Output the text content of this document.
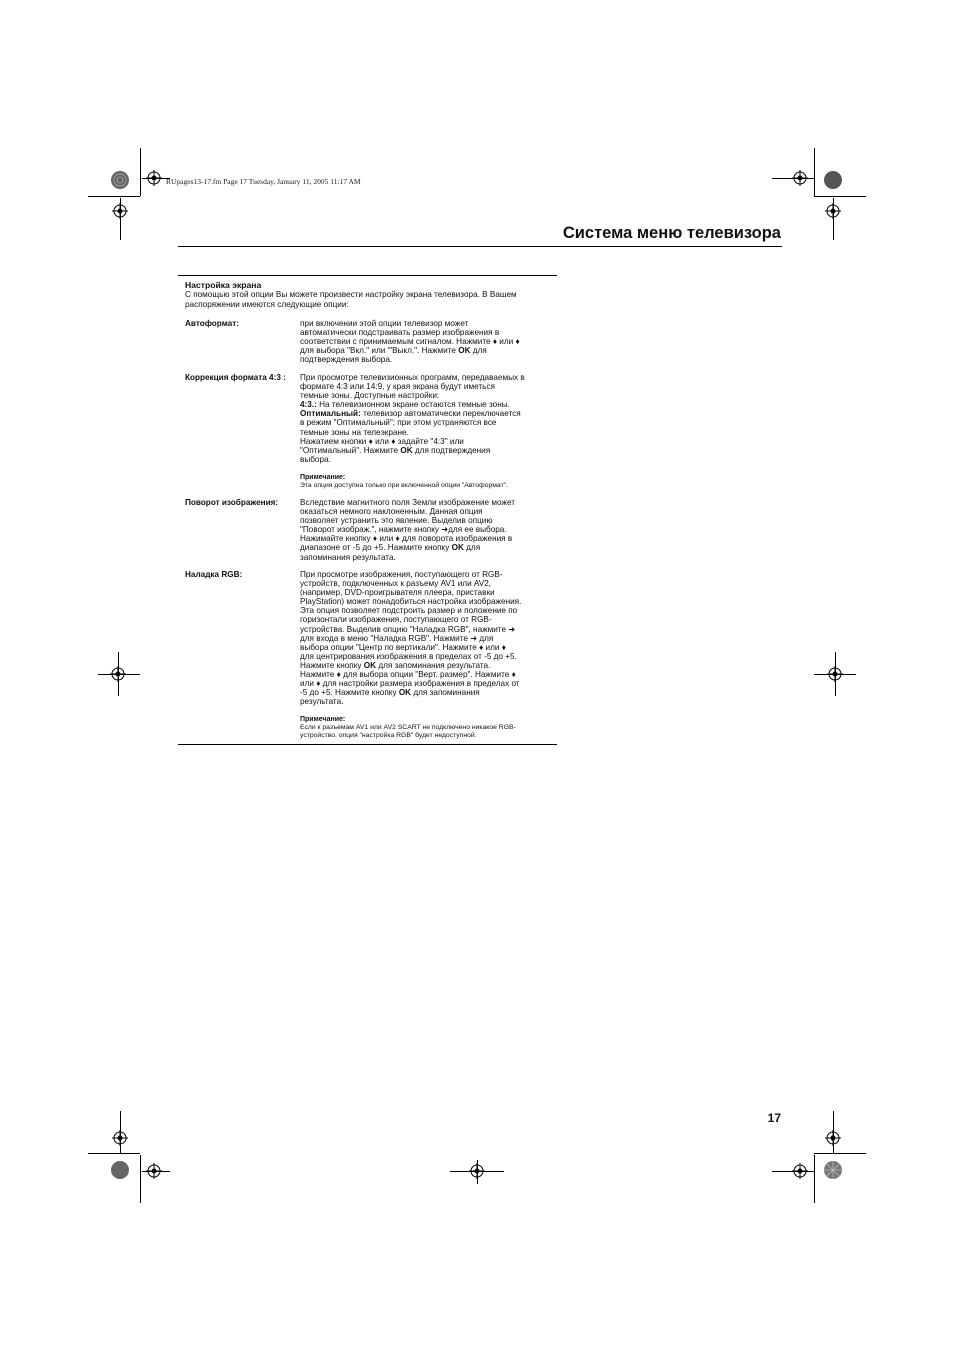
RUpages13-17.fm Page 17 Tuesday, January 11, 2005 11:17 AM
Система меню телевизора
Настройка экрана
С помощью этой опции Вы можете произвести настройку экрана телевизора. В Вашем распоряжении имеются следующие опции:
Автоформат:	при включении этой опции телевизор может
автоматически подстраивать размер изображения в
соответствии с принимаемым сигналом. Нажмите ♦ или ♦
для выбора "Вкл." или '"Выкл.". Нажмите OK для
подтверждения выбора.
Коррекция формата 4:3 : При просмотре телевизионных программ, передаваемых в
формате 4:3 или 14:9, у края экрана будут иметься
темные зоны. Доступные настройки:
4:3.: На телевизионном экране остаются темные зоны.
Оптимальный: телевизор автоматически переключается
в режим "Оптимальный"; при этом устраняются все
темные зоны на телеэкране.
Нажатием кнопки ♦ или ♦ задайте "4:3" или
"Оптимальный". Нажмите OK для подтверждения
выбора.
Примечание:
Эта опция доступна только при включенной опции "Автоформат".
Поворот изображения:	Вследствие магнитного поля Земли изображение может
оказаться немного наклоненным. Данная опция
позволяет устранить это явление. Выделив опцию
"Поворот изображ.", нажмите кнопку ➜для ее выбора.
Нажимайте кнопку ♦ или ♦ для поворота изображения в
диапазоне от -5 до +5. Нажмите кнопку OK для
запоминания результата.
Наладка RGB:	При просмотре изображения, поступающего от RGB-
устройств, подключенных к разъему AV1 или AV2,
(например, DVD-проигрывателя плеера, приставки
PlayStation) может понадобиться настройка изображения.
Эта опция позволяет подстроить размер и положение по
горизонтали изображения, поступающего от RGB-
устройства. Выделив опцию "Наладка RGB", нажмите ➜
для входа в меню "Наладка RGB". Нажмите ➜ для
выбора опции "Центр по вертикали". Нажмите ♦ или ♦
для центрирования изображения в пределах от -5 до +5.
Нажмите кнопку OK для запоминания результата.
Нажмите ♦ для выбора опции "Верт. размер". Нажмите ♦
или ♦ для настройки размера изображения в пределах от
-5 до +5. Нажмите кнопку OK для запоминания
результата.
Примечание:
Если к разъемам AV1 или AV2 SCART не подключено никакое RGB-устройство, опция "настройка RGB" будет недоступной.
17
